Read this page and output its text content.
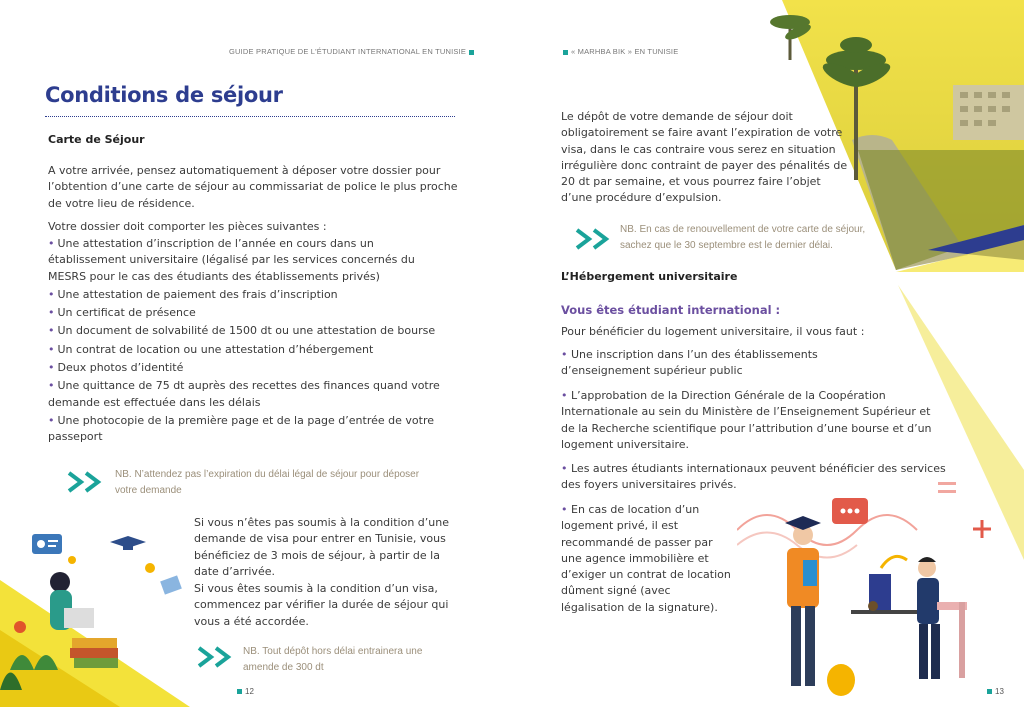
GUIDE PRATIQUE DE L'ÉTUDIANT INTERNATIONAL EN TUNISIE
Conditions de séjour
Carte de Séjour
A votre arrivée, pensez automatiquement à déposer votre dossier pour l’obtention d’une carte de séjour au commissariat de police le plus proche de votre lieu de résidence.
Votre dossier doit comporter les pièces suivantes :
• Une attestation d’inscription de l’année en cours dans un établissement universitaire (légalisé par les services concernés du MESRS pour le cas des étudiants des établissements privés)
• Une attestation de paiement des frais d’inscription
• Un certificat de présence
• Un document de solvabilité de 1500 dt ou une attestation de bourse
• Un contrat de location ou une attestation d’hébergement
• Deux photos d’identité
• Une quittance de 75 dt auprès des recettes des finances quand votre demande est effectuée dans les délais
• Une photocopie de la première page et de la page d’entrée de votre passeport
NB. N’attendez pas l’expiration du délai légal de séjour pour déposer votre demande
Si vous n’êtes pas soumis à la condition d’une demande de visa pour entrer en Tunisie, vous bénéficiez de 3 mois de séjour, à partir de la date d’arrivée.
Si vous êtes soumis à la condition d’un visa, commencez par vérifier la durée de séjour qui vous a été accordée.
NB. Tout dépôt hors délai entrainera une amende de 300 dt
12
« MARHBA BIK » EN TUNISIE
Le dépôt de votre demande de séjour doit obligatoirement se faire avant l’expiration de votre visa, dans le cas contraire vous serez en situation irrégulière donc contraint de payer des pénalités de 20 dt par semaine, et vous pourrez faire l’objet d’une procédure d’expulsion.
NB. En cas de renouvellement de votre carte de séjour, sachez que le 30 septembre est le dernier délai.
L’Hébergement universitaire
Vous êtes étudiant international :
Pour bénéficier du logement universitaire, il vous faut :
• Une inscription dans l’un des établissements d’enseignement supérieur public
• L’approbation de la Direction Générale de la Coopération Internationale au sein du Ministère de l’Enseignement Supérieur et de la Recherche scientifique pour l’attribution d’une bourse et d’un logement universitaire.
• Les autres étudiants internationaux peuvent bénéficier des services des foyers universitaires privés.
• En cas de location d’un logement privé, il est recommandé de passer par une agence immobilière et d’exiger un contrat de location dûment signé (avec légalisation de la signature).
13
